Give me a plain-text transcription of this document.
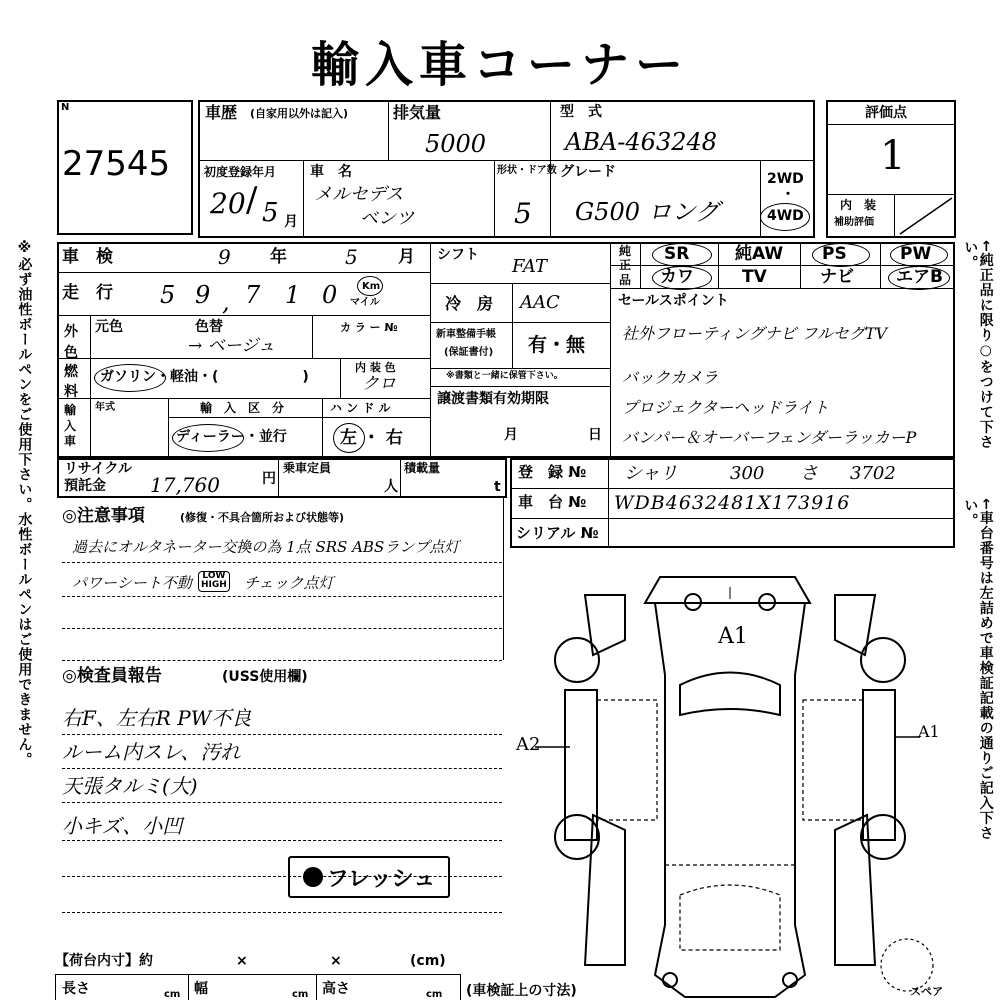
輸入車コーナー
※必ず油性ボールペンをご使用下さい。水性ボールペンはご使用できません。	←純正品に限り○をつけて下さい。
←車台番号は左詰めで車検証記載の通りご記入下さい。
N
27545
評価点
1
内　装
補助評価
車歴 (自家用以外は記入)	排気量
5000
型　式
ABA-463248
初度登録年月
20 / 5 月
車　名
メルセデス
ベンツ
形状・ドア数
5
グレード
G500 ロング
2WD
・
4WD
車　検	9 年	5 月
走　行 5 9 , 7 1 0 Km
マイル
外色
元色	色替	カ ラ ー №
→ ベージュ
燃料
ガソリン・軽油・(　　　　　　)
内 装 色
クロ
輸入車
年式	輸　入　区　分
ディーラー・並行
ハ ン ド ル
左 ・ 右
シフト
FAT
冷　房 AAC
新車整備手帳
(保証書付) 有・無
※書類と一緒に保管下さい。
譲渡書類有効期限
月	日
純正品
SR	純AW PS	PW
カワ	TV	ナビ エアB
セールスポイント
社外フローティングナビ フルセグTV
バックカメラ
プロジェクターヘッドライト
バンパー＆オーバーフェンダーラッカーP
リサイクル
預託金 17,760	円
乗車定員
人
積載量
t
登　録 № シャリ	300 さ 3702
車　台 № WDB4632481X173916
シリアル №
◎注意事項	(修復・不具合箇所および状態等)
過去にオルタネーター交換の為 1点 SRS ABSランプ点灯
パワーシート不動 LOW
HIGH チェック点灯
◎検査員報告	(USS使用欄)
右F、左右R PW不良
ルーム内スレ、汚れ
天張タルミ(大)
小キズ、小凹
フレッシュ
【荷台内寸】約	×	×	(cm)
長さ	cm 幅	cm 高さ	cm (車検証上の寸法)
A1
A2
A1
スペア
